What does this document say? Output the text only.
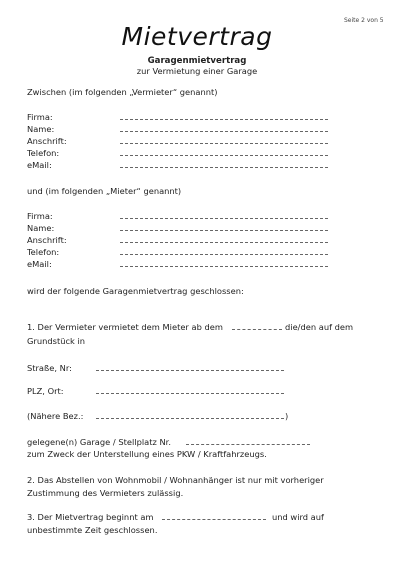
Seite 2 von 5
Mietvertrag
Garagenmietvertrag
zur Vermietung einer Garage
Zwischen (im folgenden „Vermieter“ genannt)
Firma:
Name:
Anschrift:
Telefon:
eMail:
und (im folgenden „Mieter“ genannt)
Firma:
Name:
Anschrift:
Telefon:
eMail:
wird der folgende Garagenmietvertrag geschlossen:
1. Der Vermieter vermietet dem Mieter ab dem	die/den auf dem
Grundstück in
Straße, Nr:
PLZ, Ort:
(Nähere Bez.:	)
gelegene(n) Garage / Stellplatz Nr.
zum Zweck der Unterstellung eines PKW / Kraftfahrzeugs.
2. Das Abstellen von Wohnmobil / Wohnanhänger ist nur mit vorheriger
Zustimmung des Vermieters zulässig.
3. Der Mietvertrag beginnt am	und wird auf
unbestimmte Zeit geschlossen.
